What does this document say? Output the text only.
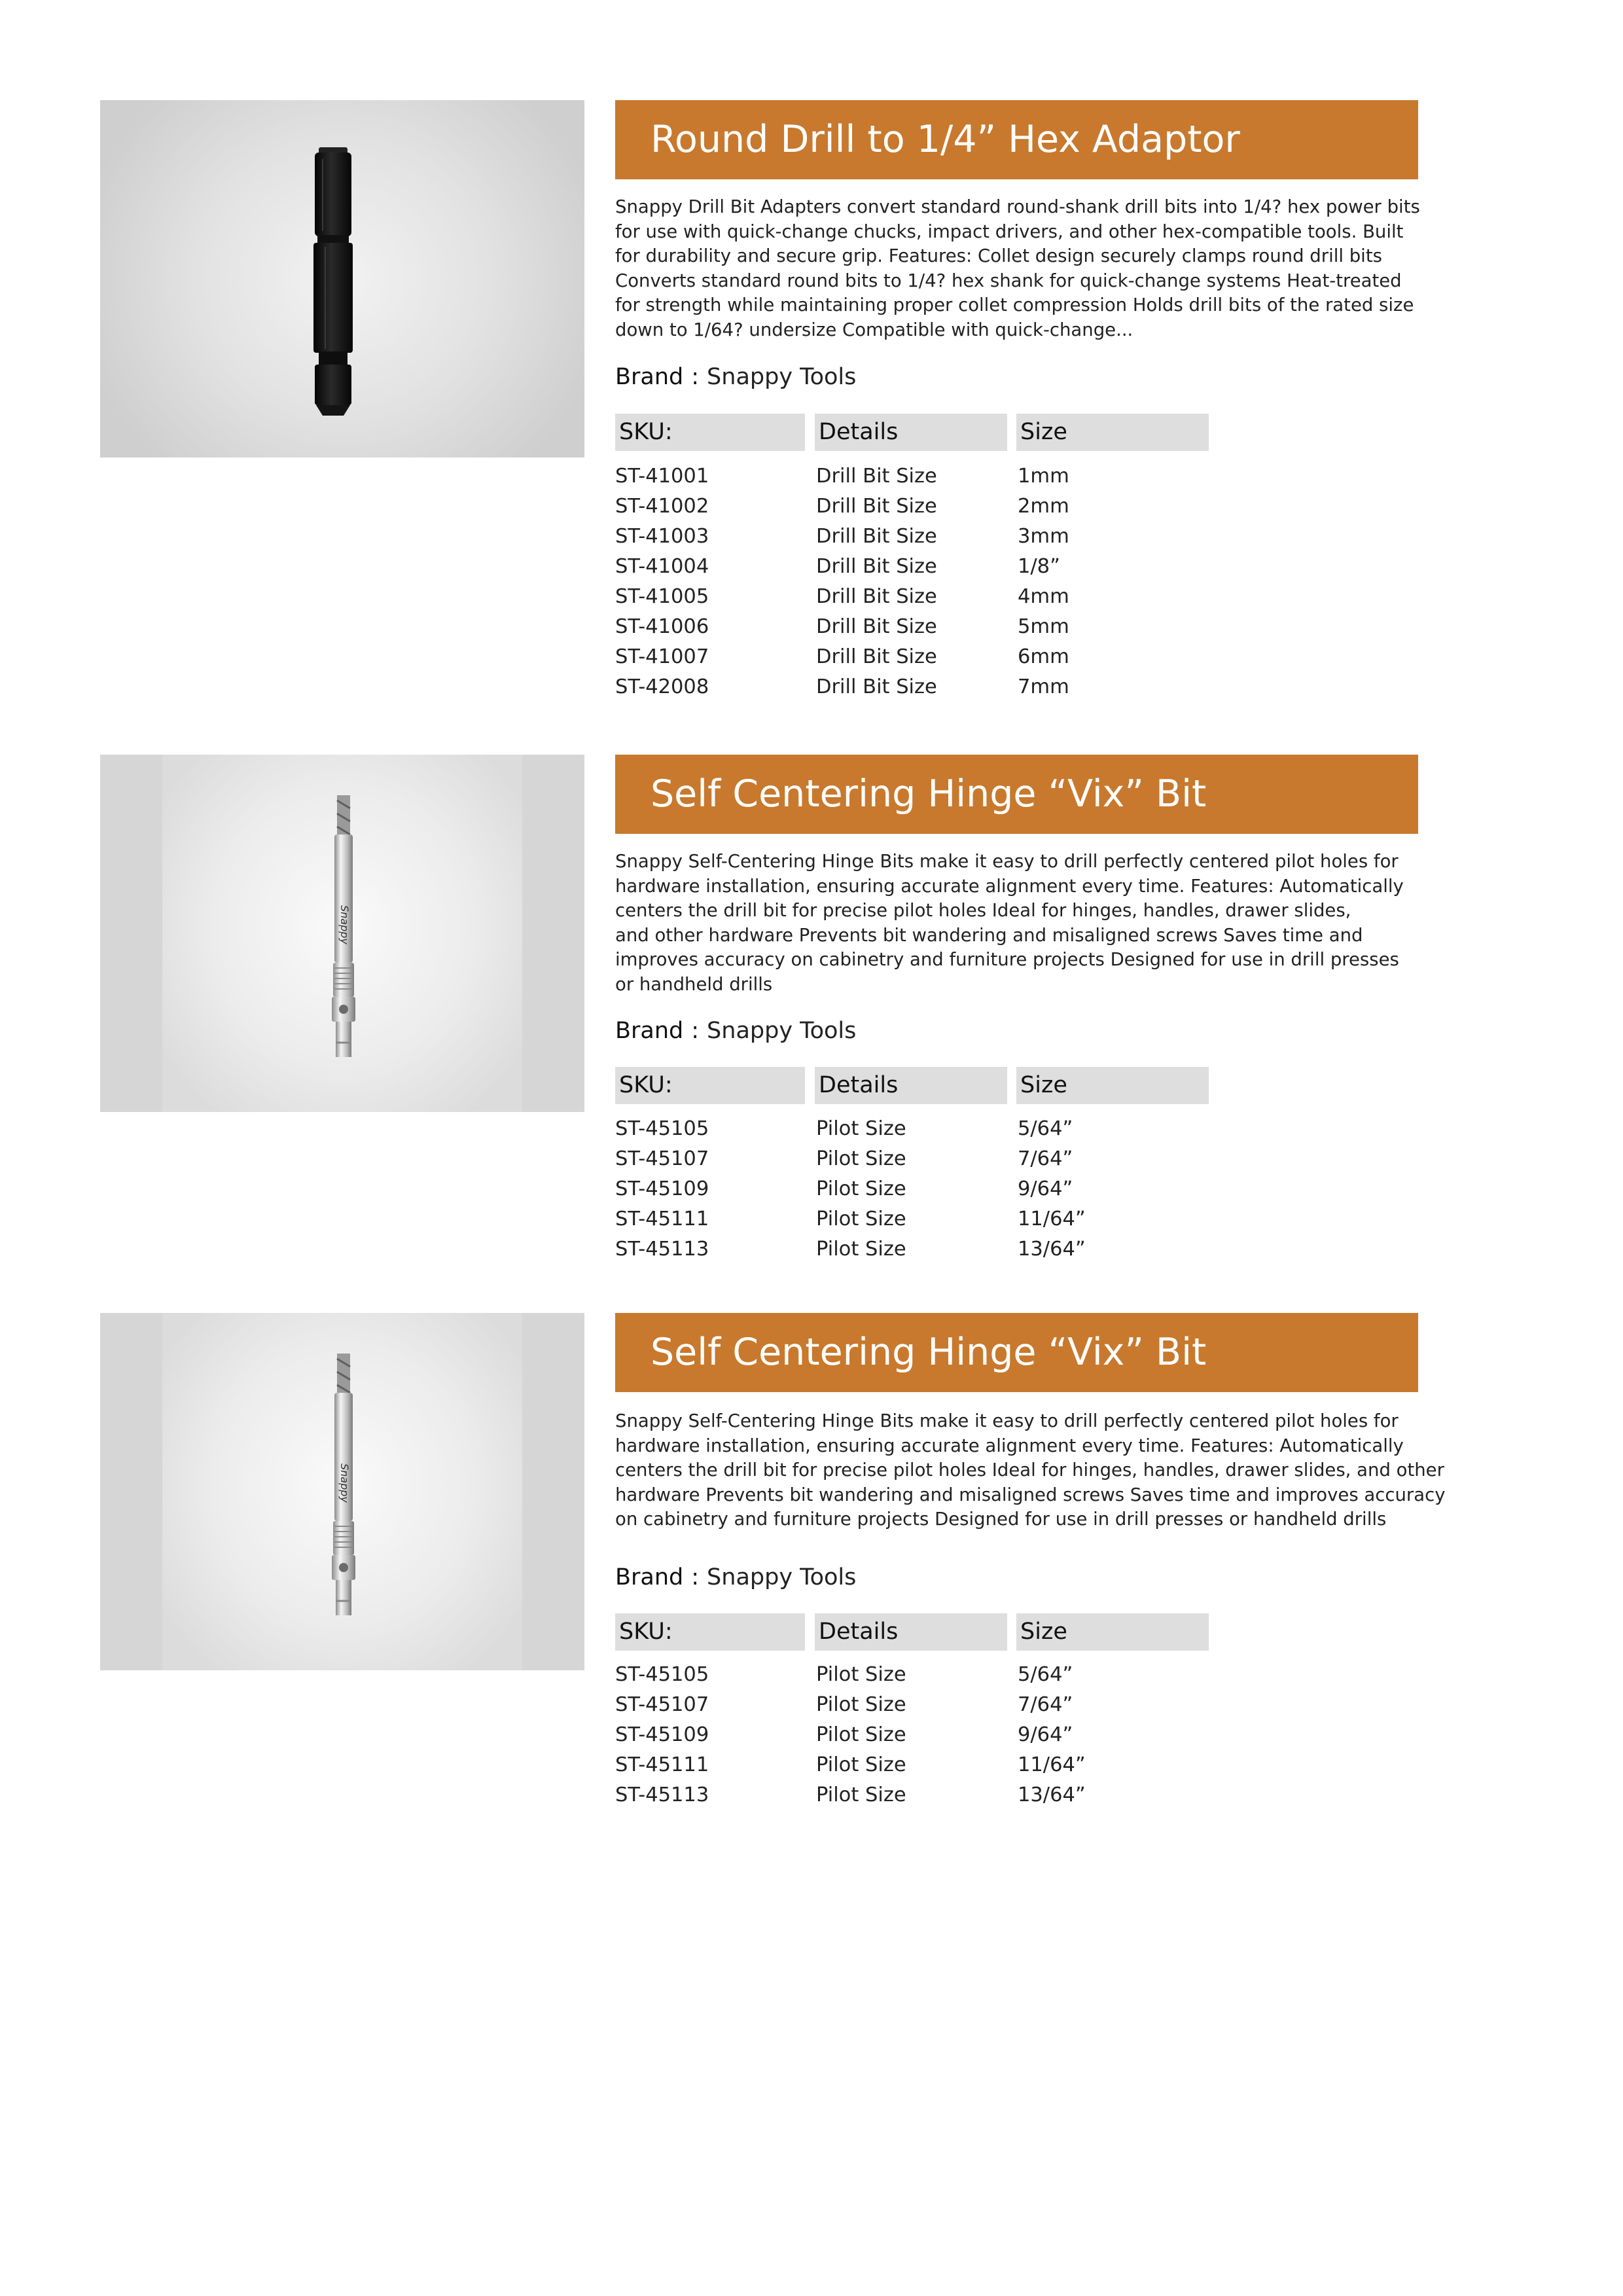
Round Drill to 1/4” Hex Adaptor

Snappy Drill Bit Adapters convert standard round-shank drill bits into 1/4? hex power bits
for use with quick-change chucks, impact drivers, and other hex-compatible tools. Built
for durability and secure grip. Features: Collet design securely clamps round drill bits
Converts standard round bits to 1/4? hex shank for quick-change systems Heat-treated
for strength while maintaining proper collet compression Holds drill bits of the rated size
down to 1/64? undersize Compatible with quick-change...

Brand : Snappy Tools
SKU:	Details	Size
ST-41001	Drill Bit Size	1mm
ST-41002	Drill Bit Size	2mm
ST-41003	Drill Bit Size	3mm
ST-41004	Drill Bit Size	1/8”
ST-41005	Drill Bit Size	4mm
ST-41006	Drill Bit Size	5mm
ST-41007	Drill Bit Size	6mm
ST-42008	Drill Bit Size	7mm
Snappy
Self Centering Hinge “Vix” Bit

Snappy Self-Centering Hinge Bits make it easy to drill perfectly centered pilot holes for
hardware installation, ensuring accurate alignment every time. Features: Automatically
centers the drill bit for precise pilot holes Ideal for hinges, handles, drawer slides,
and other hardware Prevents bit wandering and misaligned screws Saves time and
improves accuracy on cabinetry and furniture projects Designed for use in drill presses
or handheld drills

Brand : Snappy Tools
SKU:	Details	Size
ST-45105	Pilot Size	5/64”
ST-45107	Pilot Size	7/64”
ST-45109	Pilot Size	9/64”
ST-45111	Pilot Size	11/64”
ST-45113	Pilot Size	13/64”
Snappy
Self Centering Hinge “Vix” Bit

Snappy Self-Centering Hinge Bits make it easy to drill perfectly centered pilot holes for
hardware installation, ensuring accurate alignment every time. Features: Automatically
centers the drill bit for precise pilot holes Ideal for hinges, handles, drawer slides, and other
hardware Prevents bit wandering and misaligned screws Saves time and improves accuracy
on cabinetry and furniture projects Designed for use in drill presses or handheld drills

Brand : Snappy Tools
SKU:	Details	Size
ST-45105	Pilot Size	5/64”
ST-45107	Pilot Size	7/64”
ST-45109	Pilot Size	9/64”
ST-45111	Pilot Size	11/64”
ST-45113	Pilot Size	13/64”
